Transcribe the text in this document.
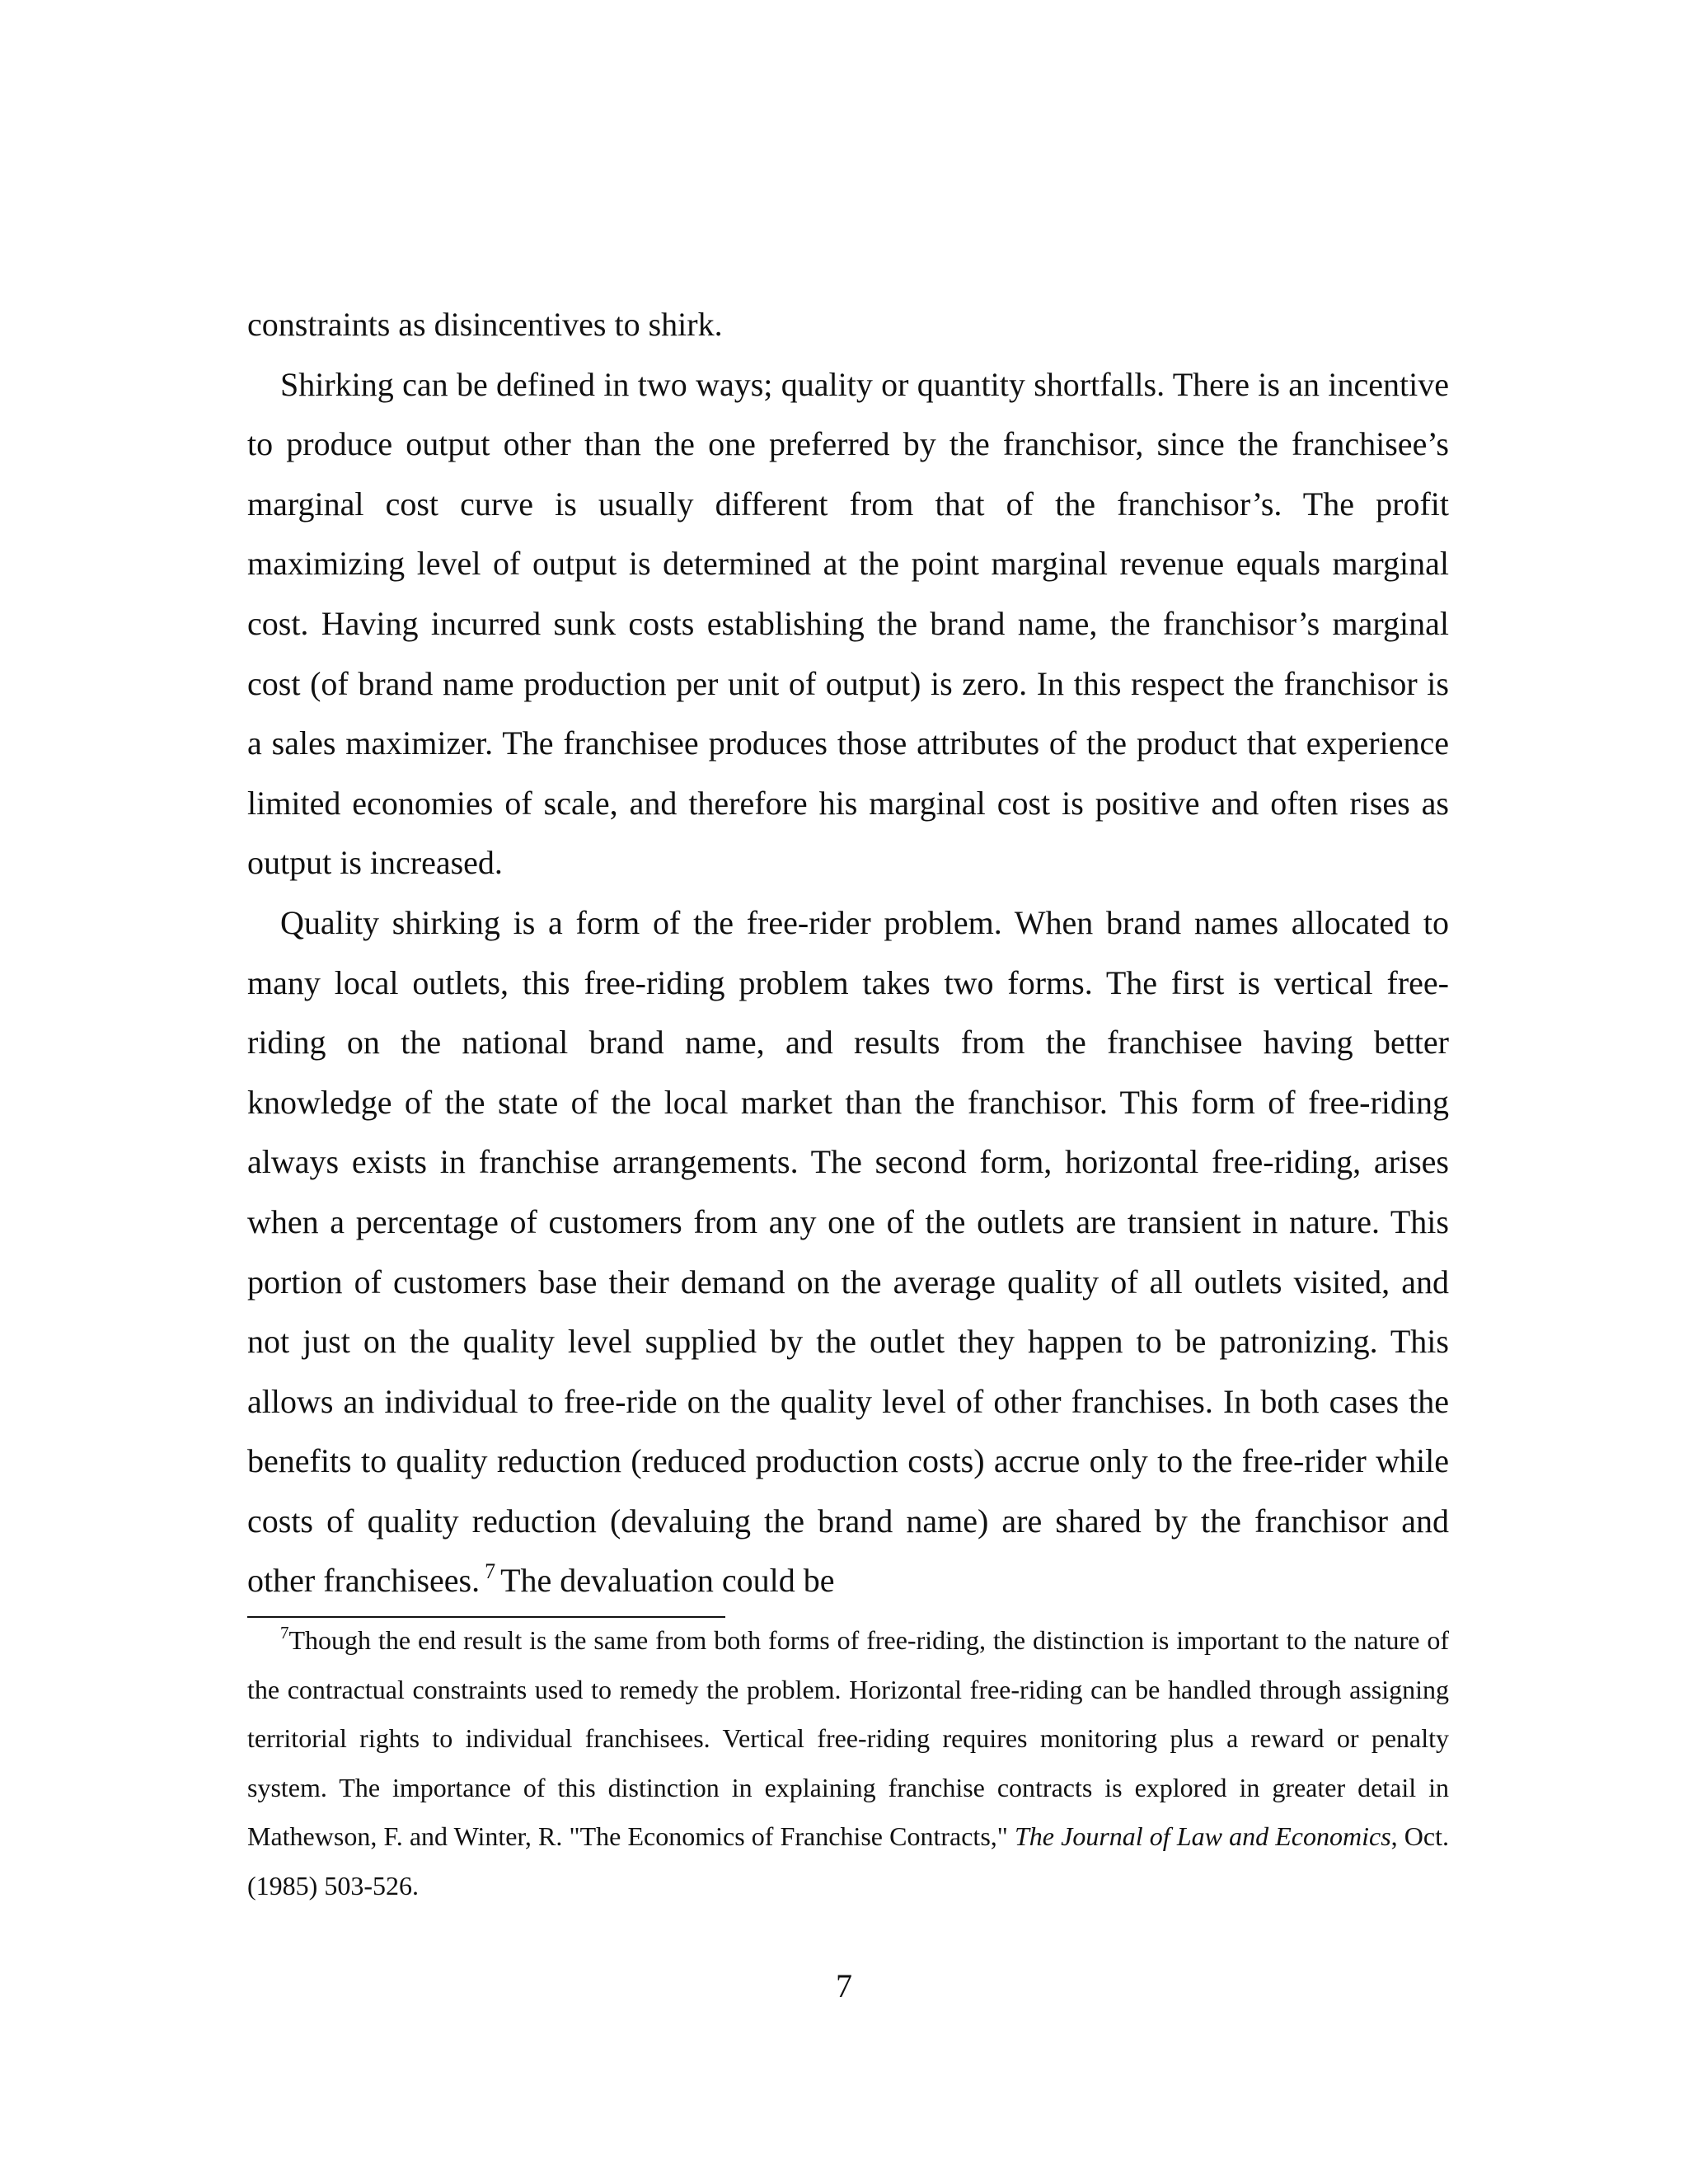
constraints as disincentives to shirk.

Shirking can be defined in two ways; quality or quantity shortfalls. There is an incentive to produce output other than the one preferred by the franchisor, since the franchisee’s marginal cost curve is usually different from that of the franchisor’s. The profit maximizing level of output is determined at the point marginal revenue equals marginal cost. Having incurred sunk costs establishing the brand name, the franchisor’s marginal cost (of brand name production per unit of output) is zero. In this respect the franchisor is a sales maximizer. The franchisee produces those attributes of the product that experience limited economies of scale, and therefore his marginal cost is positive and often rises as output is increased.

Quality shirking is a form of the free-rider problem. When brand names allocated to many local outlets, this free-riding problem takes two forms. The first is vertical free-riding on the national brand name, and results from the franchisee having better knowledge of the state of the local market than the franchisor. This form of free-riding always exists in franchise arrangements. The second form, horizontal free-riding, arises when a percentage of customers from any one of the outlets are transient in nature. This portion of customers base their demand on the average quality of all outlets visited, and not just on the quality level supplied by the outlet they happen to be patronizing. This allows an individual to free-ride on the quality level of other franchises. In both cases the benefits to quality reduction (reduced production costs) accrue only to the free-rider while costs of quality reduction (devaluing the brand name) are shared by the franchisor and other franchisees. $^7$ The devaluation could be

$^7$Though the end result is the same from both forms of free-riding, the distinction is important to the nature of the contractual constraints used to remedy the problem. Horizontal free-riding can be handled through assigning territorial rights to individual franchisees. Vertical free-riding requires monitoring plus a reward or penalty system. The importance of this distinction in explaining franchise contracts is explored in greater detail in Mathewson, F. and Winter, R. "The Economics of Franchise Contracts," The Journal of Law and Economics, Oct. (1985) 503-526.

7
